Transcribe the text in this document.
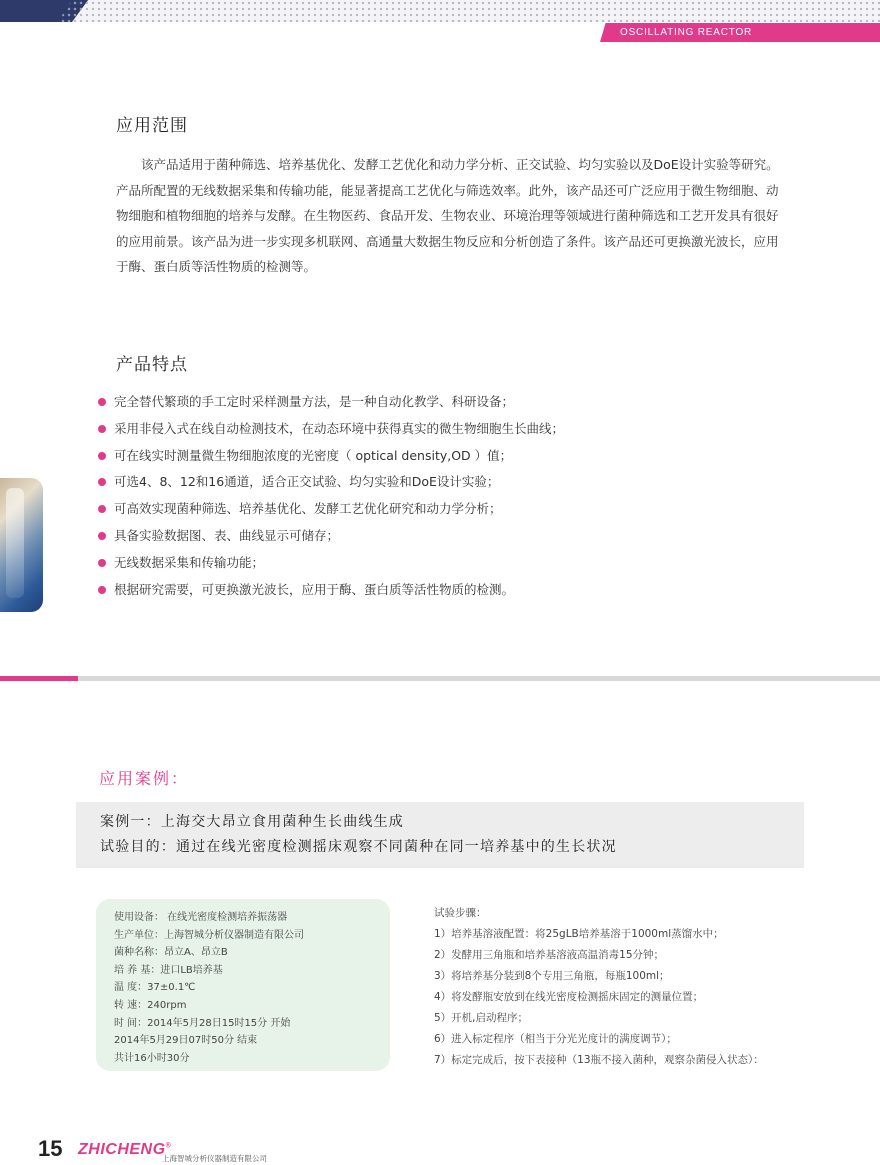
OSCILLATING REACTOR
应用范围

该产品适用于菌种筛选、培养基优化、发酵工艺优化和动力学分析、正交试验、均匀实验以及DoE设计实验等研究。产品所配置的无线数据采集和传输功能，能显著提高工艺优化与筛选效率。此外，该产品还可广泛应用于微生物细胞、动物细胞和植物细胞的培养与发酵。在生物医药、食品开发、生物农业、环境治理等领域进行菌种筛选和工艺开发具有很好的应用前景。该产品为进一步实现多机联网、高通量大数据生物反应和分析创造了条件。该产品还可更换激光波长，应用于酶、蛋白质等活性物质的检测等。

产品特点
完全替代繁琐的手工定时采样测量方法，是一种自动化教学、科研设备；
采用非侵入式在线自动检测技术，在动态环境中获得真实的微生物细胞生长曲线；
可在线实时测量微生物细胞浓度的光密度（ optical density,OD ）值；
可选4、8、12和16通道，适合正交试验、均匀实验和DoE设计实验；
可高效实现菌种筛选、培养基优化、发酵工艺优化研究和动力学分析；
具备实验数据图、表、曲线显示可储存；
无线数据采集和传输功能；
根据研究需要，可更换激光波长，应用于酶、蛋白质等活性物质的检测。
应用案例：
案例一：上海交大昂立食用菌种生长曲线生成
试验目的：通过在线光密度检测摇床观察不同菌种在同一培养基中的生长状况
使用设备： 在线光密度检测培养振荡器
生产单位：上海智城分析仪器制造有限公司
菌种名称：昂立A、昂立B
培 养 基：进口LB培养基
温 度：37±0.1℃
转 速：240rpm
时 间：2014年5月28日15时15分 开始
2014年5月29日07时50分 结束
共计16小时30分
试验步骤：
1）培养基溶液配置：将25gLB培养基溶于1000ml蒸馏水中；
2）发酵用三角瓶和培养基溶液高温消毒15分钟；
3）将培养基分装到8个专用三角瓶，每瓶100ml；
4）将发酵瓶安放到在线光密度检测摇床固定的测量位置；
5）开机,启动程序；
6）进入标定程序（相当于分光光度计的满度调节）；
7）标定完成后，按下表接种（13瓶不接入菌种，观察杂菌侵入状态）：
15 ZHICHENG®
上海智城分析仪器制造有限公司
